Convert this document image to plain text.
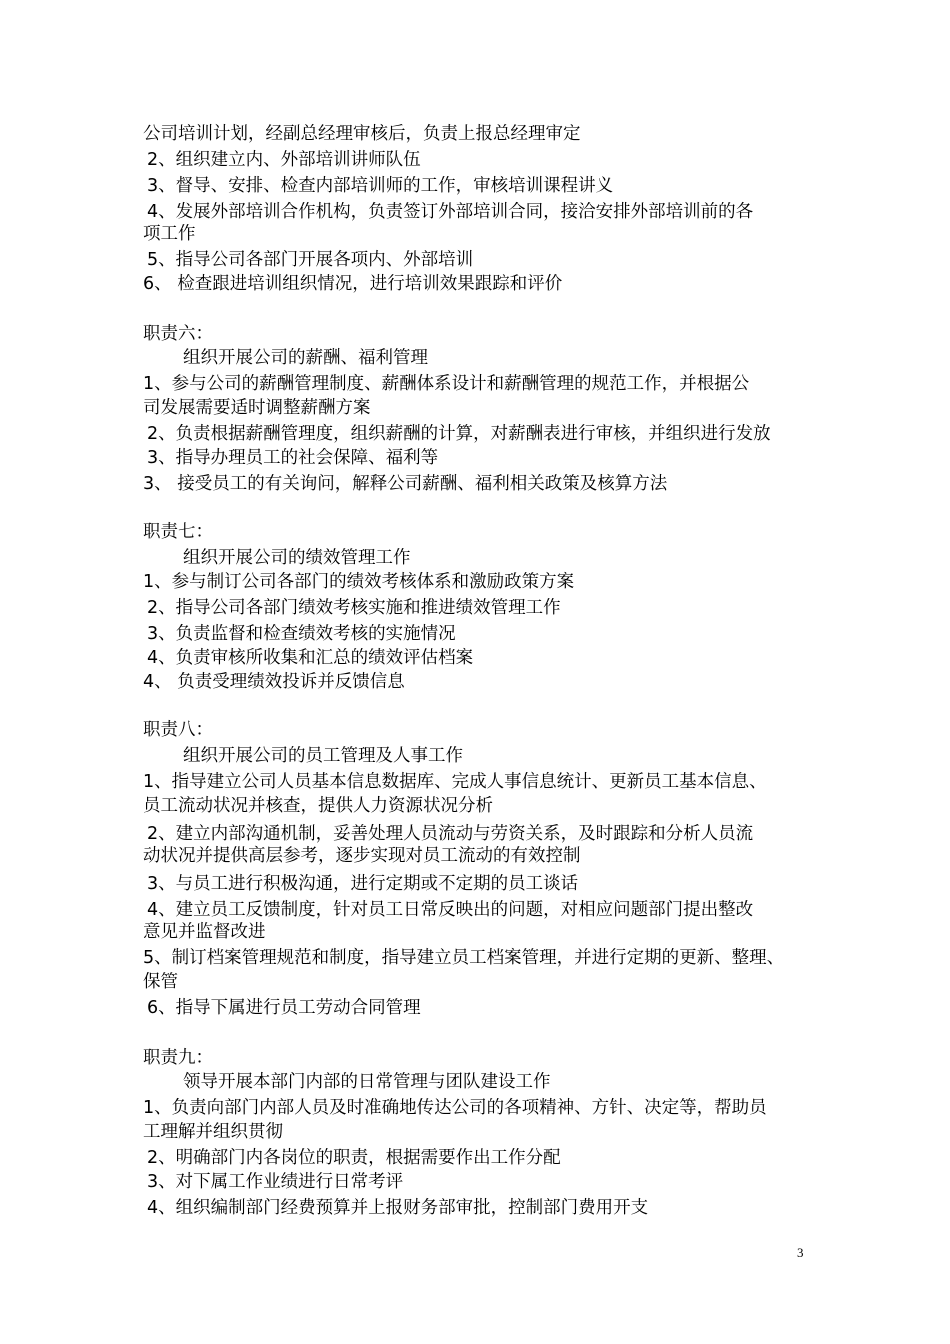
公司培训计划，经副总经理审核后，负责上报总经理审定
2、组织建立内、外部培训讲师队伍
3、督导、安排、检查内部培训师的工作，审核培训课程讲义
4、发展外部培训合作机构，负责签订外部培训合同，接洽安排外部培训前的各
项工作
5、指导公司各部门开展各项内、外部培训
6、 检查跟进培训组织情况，进行培训效果跟踪和评价
职责六：
组织开展公司的薪酬、福利管理
1、参与公司的薪酬管理制度、薪酬体系设计和薪酬管理的规范工作，并根据公
司发展需要适时调整薪酬方案
2、负责根据薪酬管理度，组织薪酬的计算，对薪酬表进行审核，并组织进行发放
3、指导办理员工的社会保障、福利等
3、 接受员工的有关询问，解释公司薪酬、福利相关政策及核算方法
职责七：
组织开展公司的绩效管理工作
1、参与制订公司各部门的绩效考核体系和激励政策方案
2、指导公司各部门绩效考核实施和推进绩效管理工作
3、负责监督和检查绩效考核的实施情况
4、负责审核所收集和汇总的绩效评估档案
4、 负责受理绩效投诉并反馈信息
职责八：
组织开展公司的员工管理及人事工作
1、指导建立公司人员基本信息数据库、完成人事信息统计、更新员工基本信息、
员工流动状况并核查，提供人力资源状况分析
2、建立内部沟通机制，妥善处理人员流动与劳资关系，及时跟踪和分析人员流
动状况并提供高层参考，逐步实现对员工流动的有效控制
3、与员工进行积极沟通，进行定期或不定期的员工谈话
4、建立员工反馈制度，针对员工日常反映出的问题，对相应问题部门提出整改
意见并监督改进
5、制订档案管理规范和制度，指导建立员工档案管理，并进行定期的更新、整理、
保管
6、指导下属进行员工劳动合同管理
职责九：
领导开展本部门内部的日常管理与团队建设工作
1、负责向部门内部人员及时准确地传达公司的各项精神、方针、决定等，帮助员
工理解并组织贯彻
2、明确部门内各岗位的职责，根据需要作出工作分配
3、对下属工作业绩进行日常考评
4、组织编制部门经费预算并上报财务部审批，控制部门费用开支
3
